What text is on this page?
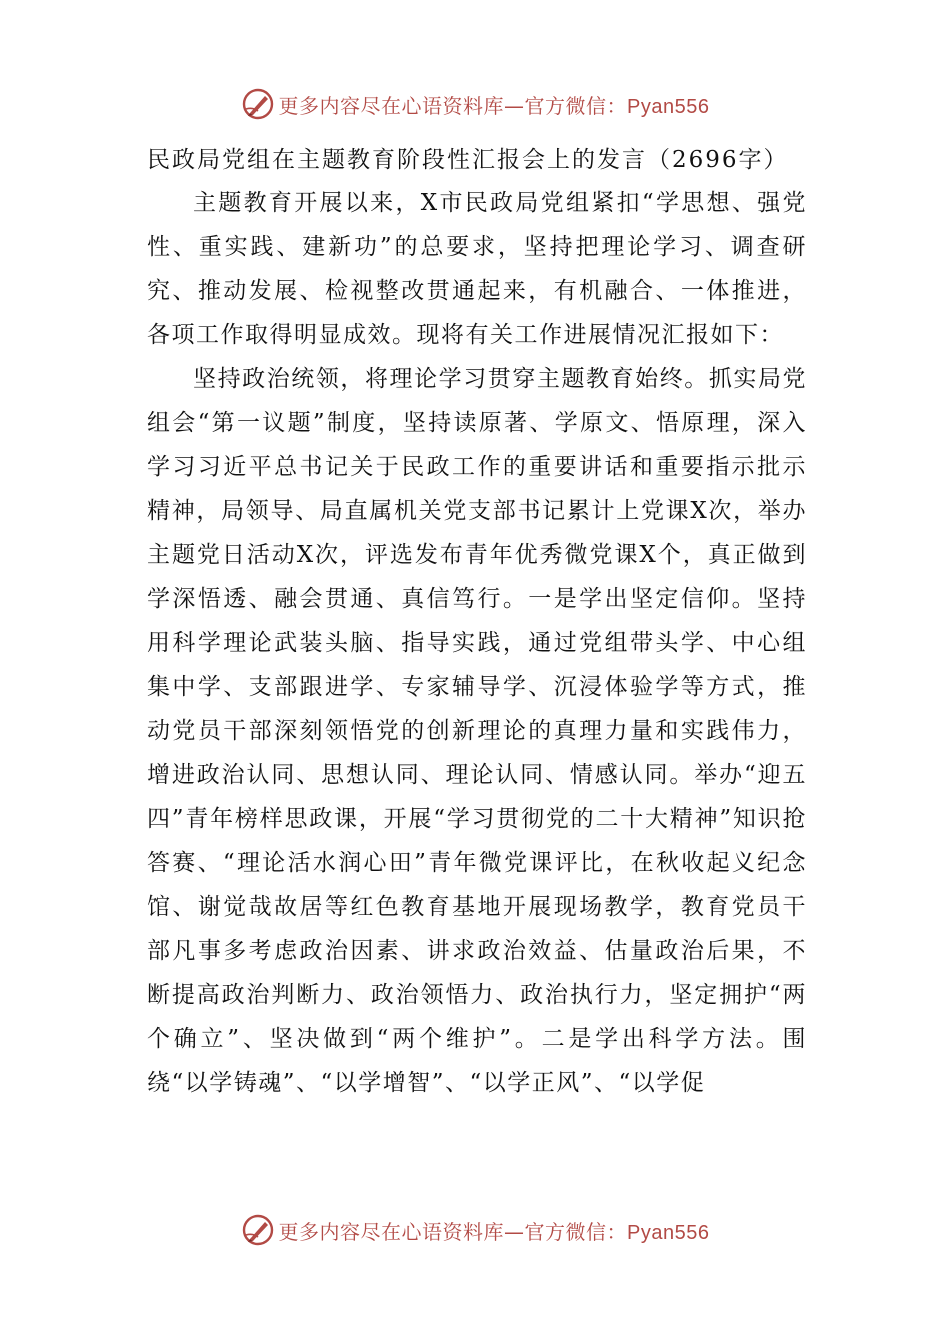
更多内容尽在心语资料库—官方微信：Pyan556
民政局党组在主题教育阶段性汇报会上的发言（2696字）

主题教育开展以来，X市民政局党组紧扣“学思想、强党性、重实践、建新功”的总要求，坚持把理论学习、调查研究、推动发展、检视整改贯通起来，有机融合、一体推进，各项工作取得明显成效。现将有关工作进展情况汇报如下：

坚持政治统领，将理论学习贯穿主题教育始终。抓实局党组会“第一议题”制度，坚持读原著、学原文、悟原理，深入学习习近平总书记关于民政工作的重要讲话和重要指示批示精神，局领导、局直属机关党支部书记累计上党课X次，举办主题党日活动X次，评选发布青年优秀微党课X个，真正做到学深悟透、融会贯通、真信笃行。一是学出坚定信仰。坚持用科学理论武装头脑、指导实践，通过党组带头学、中心组集中学、支部跟进学、专家辅导学、沉浸体验学等方式，推动党员干部深刻领悟党的创新理论的真理力量和实践伟力，增进政治认同、思想认同、理论认同、情感认同。举办“迎五四”青年榜样思政课，开展“学习贯彻党的二十大精神”知识抢答赛、“理论活水润心田”青年微党课评比，在秋收起义纪念馆、谢觉哉故居等红色教育基地开展现场教学，教育党员干部凡事多考虑政治因素、讲求政治效益、估量政治后果，不断提高政治判断力、政治领悟力、政治执行力，坚定拥护“两个确立”、坚决做到“两个维护”。二是学出科学方法。围绕“以学铸魂”、“以学增智”、“以学正风”、“以学促

更多内容尽在心语资料库—官方微信：Pyan556
